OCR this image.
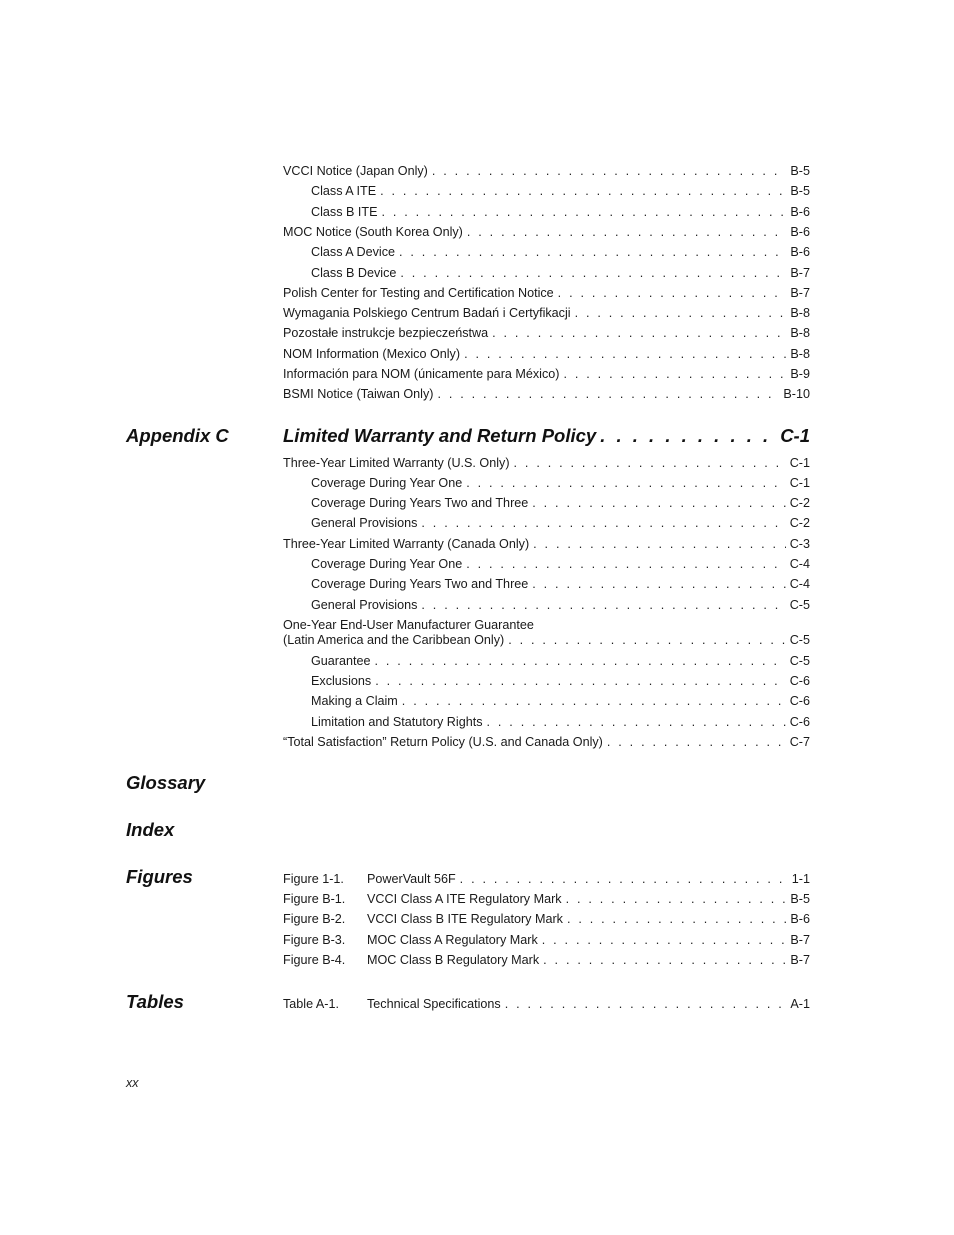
VCCI Notice (Japan Only) . . .	B-5
Class A ITE . . .	B-5
Class B ITE . . .	B-6
MOC Notice (South Korea Only) . . .	B-6
Class A Device . . .	B-6
Class B Device . . .	B-7
Polish Center for Testing and Certification Notice . . .	B-7
Wymagania Polskiego Centrum Badań i Certyfikacji . . .	B-8
Pozostałe instrukcje bezpieczeństwa . . .	B-8
NOM Information (Mexico Only) . . .	B-8
Información para NOM (únicamente para México) . . .	B-9
BSMI Notice (Taiwan Only) . . .	B-10
Appendix C	Limited Warranty and Return Policy . . .	C-1
Three-Year Limited Warranty (U.S. Only) . . .	C-1
Coverage During Year One . . .	C-1
Coverage During Years Two and Three . . .	C-2
General Provisions . . .	C-2
Three-Year Limited Warranty (Canada Only) . . .	C-3
Coverage During Year One . . .	C-4
Coverage During Years Two and Three . . .	C-4
General Provisions . . .	C-5
One-Year End-User Manufacturer Guarantee
(Latin America and the Caribbean Only) . . .	C-5
Guarantee . . .	C-5
Exclusions . . .	C-6
Making a Claim . . .	C-6
Limitation and Statutory Rights . . .	C-6
“Total Satisfaction” Return Policy (U.S. and Canada Only) . . .	C-7
Glossary
Index
Figures	Figure 1-1.	PowerVault 56F . . .	1-1
Figure B-1.	VCCI Class A ITE Regulatory Mark . . .	B-5
Figure B-2.	VCCI Class B ITE Regulatory Mark . . .	B-6
Figure B-3.	MOC Class A Regulatory Mark . . .	B-7
Figure B-4.	MOC Class B Regulatory Mark . . .	B-7
Tables	Table A-1.	Technical Specifications . . .	A-1
xx
